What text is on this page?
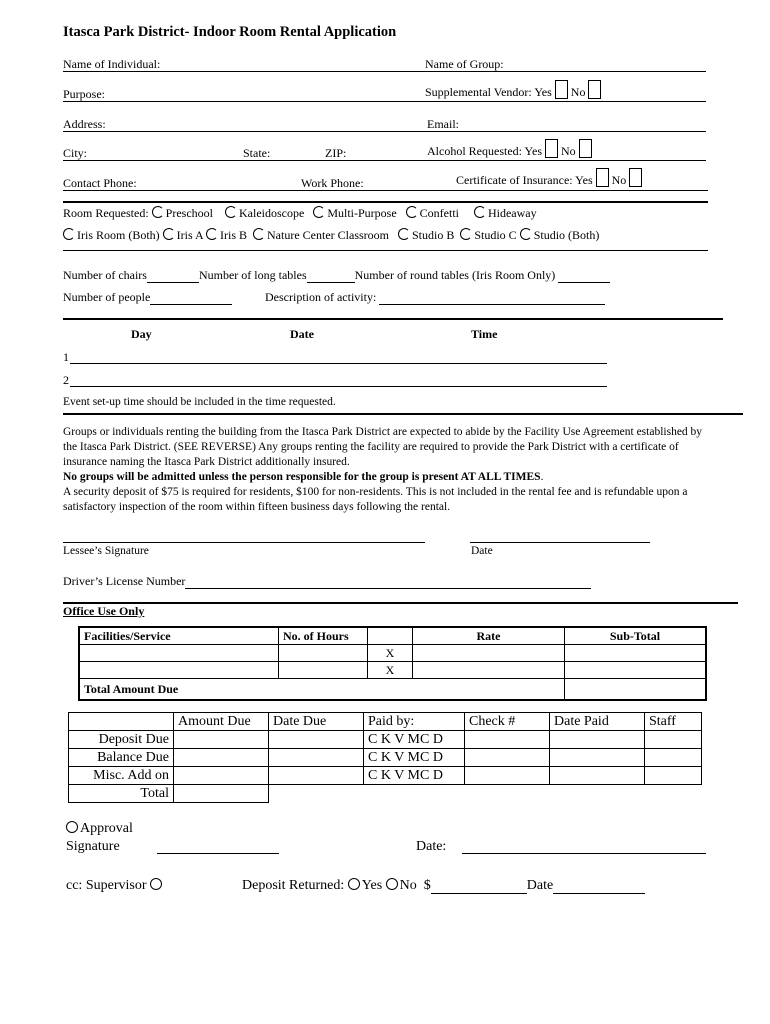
Itasca Park District- Indoor Room Rental Application
Name of Individual:	Name of Group:
Purpose:	Supplemental Vendor: Yes No
Address:	Email:
City:	State:	ZIP:	Alcohol Requested: Yes No
Contact Phone:	Work Phone:	Certificate of Insurance: Yes No
Room Requested: Preschool Kaleidoscope Multi-Purpose Confetti Hideaway
Iris Room (Both) Iris A Iris B Nature Center Classroom Studio B Studio C Studio (Both)
Number of chairs	Number of long tables	Number of round tables (Iris Room Only)
Number of people	Description of activity:
Day	Date	Time
1
2
Event set-up time should be included in the time requested.
Groups or individuals renting the building from the Itasca Park District are expected to abide by the Facility Use Agreement established by the Itasca Park District. (SEE REVERSE) Any groups renting the facility are required to provide the Park District with a certificate of insurance naming the Itasca Park District additionally insured.
No groups will be admitted unless the person responsible for the group is present AT ALL TIMES.
A security deposit of $75 is required for residents, $100 for non-residents. This is not included in the rental fee and is refundable upon a satisfactory inspection of the room within fifteen business days following the rental.
Lessee’s Signature	Date
Driver’s License Number
Office Use Only
Facilities/Service	No. of Hours		Rate	Sub-Total
		X		
		X		
Total Amount Due				
	Amount Due	Date Due	Paid by:	Check #	Date Paid	Staff
Deposit Due			C K V MC D			
Balance Due			C K V MC D			
Misc. Add on			C K V MC D			
Total						
Approval
Signature	Date:
cc: Supervisor	Deposit Returned: Yes No $	Date
